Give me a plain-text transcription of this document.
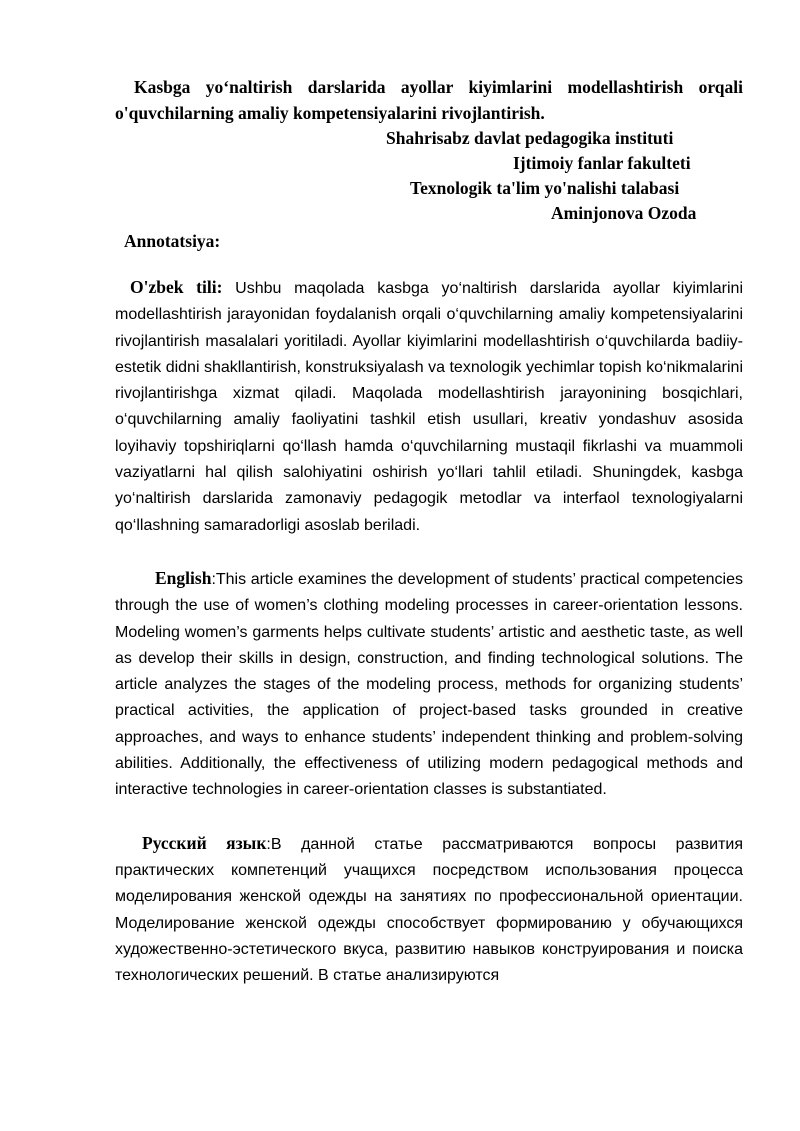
Kasbga yo‘naltirish darslarida ayollar kiyimlarini modellashtirish orqali o'quvchilarning amaliy kompetensiyalarini rivojlantirish.

Shahrisabz davlat pedagogika instituti
Ijtimoiy fanlar fakulteti
Texnologik ta'lim yo'nalishi talabasi
Aminjonova Ozoda
Annotatsiya:

O'zbek tili: Ushbu maqolada kasbga yo‘naltirish darslarida ayollar kiyimlarini modellashtirish jarayonidan foydalanish orqali o‘quvchilarning amaliy kompetensiyalarini rivojlantirish masalalari yoritiladi. Ayollar kiyimlarini modellashtirish o‘quvchilarda badiiy-estetik didni shakllantirish, konstruksiyalash va texnologik yechimlar topish ko‘nikmalarini rivojlantirishga xizmat qiladi. Maqolada modellashtirish jarayonining bosqichlari, o‘quvchilarning amaliy faoliyatini tashkil etish usullari, kreativ yondashuv asosida loyihaviy topshiriqlarni qo‘llash hamda o‘quvchilarning mustaqil fikrlashi va muammoli vaziyatlarni hal qilish salohiyatini oshirish yo‘llari tahlil etiladi. Shuningdek, kasbga yo‘naltirish darslarida zamonaviy pedagogik metodlar va interfaol texnologiyalarni qo‘llashning samaradorligi asoslab beriladi.

English:This article examines the development of students’ practical competencies through the use of women’s clothing modeling processes in career-orientation lessons. Modeling women’s garments helps cultivate students’ artistic and aesthetic taste, as well as develop their skills in design, construction, and finding technological solutions. The article analyzes the stages of the modeling process, methods for organizing students’ practical activities, the application of project-based tasks grounded in creative approaches, and ways to enhance students’ independent thinking and problem-solving abilities. Additionally, the effectiveness of utilizing modern pedagogical methods and interactive technologies in career-orientation classes is substantiated.

Русский язык:В данной статье рассматриваются вопросы развития практических компетенций учащихся посредством использования процесса моделирования женской одежды на занятиях по профессиональной ориентации. Моделирование женской одежды способствует формированию у обучающихся художественно-эстетического вкуса, развитию навыков конструирования и поиска технологических решений. В статье анализируются
